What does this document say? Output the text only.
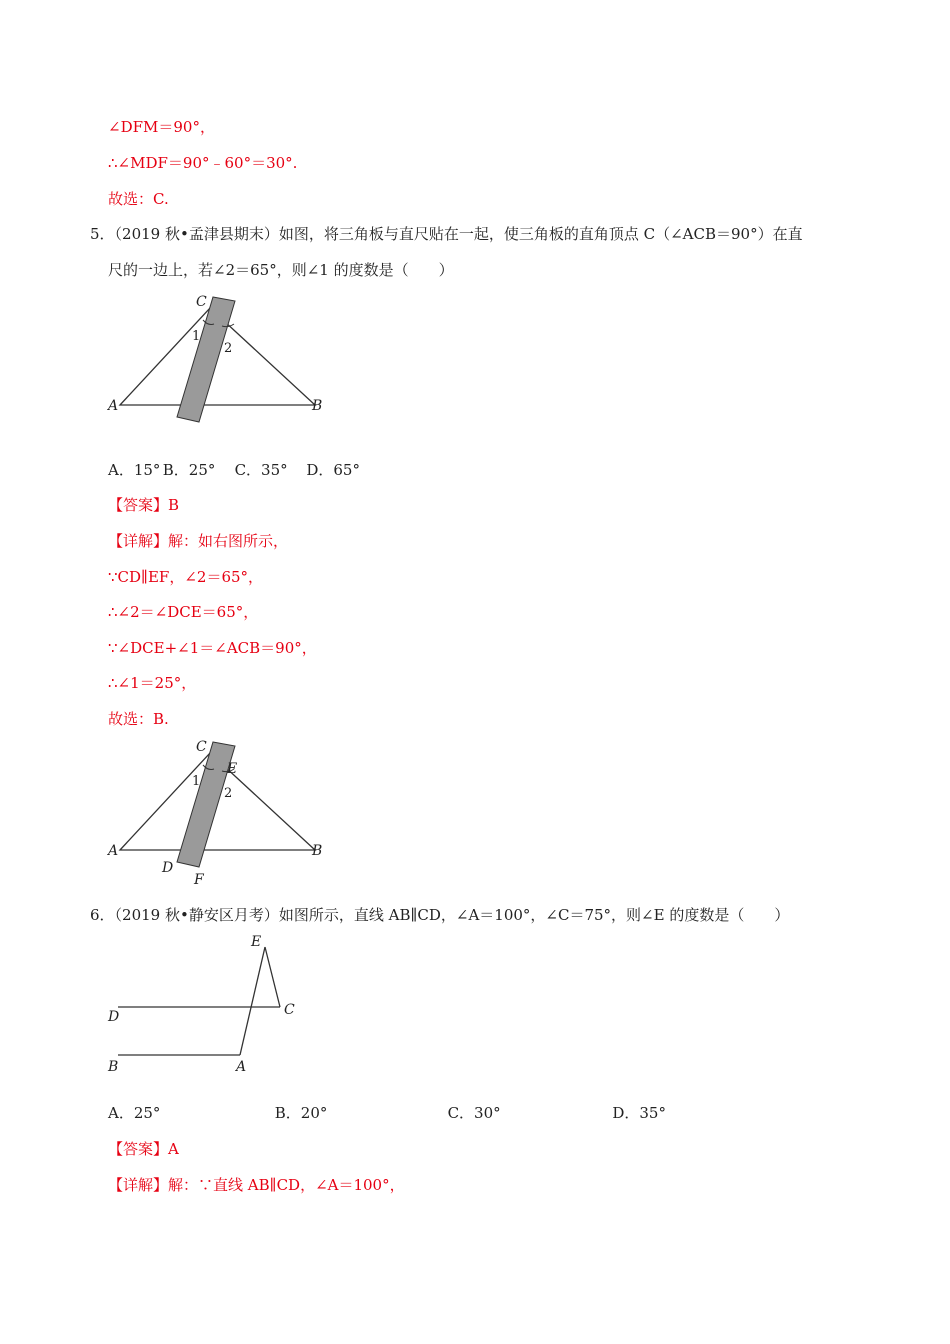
∠DFM＝90°，
∴∠MDF＝90°﹣60°＝30°.
故选：C.
5．（2019 秋•孟津县期末）如图，将三角板与直尺贴在一起，使三角板的直角顶点 C（∠ACB＝90°）在直
尺的一边上，若∠2＝65°，则∠1 的度数是（　　）
C
1
2
A	B
A．15° B．25° C．35° D．65°
【答案】B
【详解】解：如右图所示，
∵CD∥EF，∠2＝65°，
∴∠2＝∠DCE＝65°，
∵∠DCE+∠1＝∠ACB＝90°，
∴∠1＝25°，
故选：B.
C
E
1
2
A	B
D
F
6．（2019 秋•静安区月考）如图所示，直线 AB∥CD，∠A＝100°，∠C＝75°，则∠E 的度数是（　　）
E
C
D
B	A
A．25°	B．20°	C．30°	D．35°
【答案】A
【详解】解：∵直线 AB∥CD，∠A＝100°，
